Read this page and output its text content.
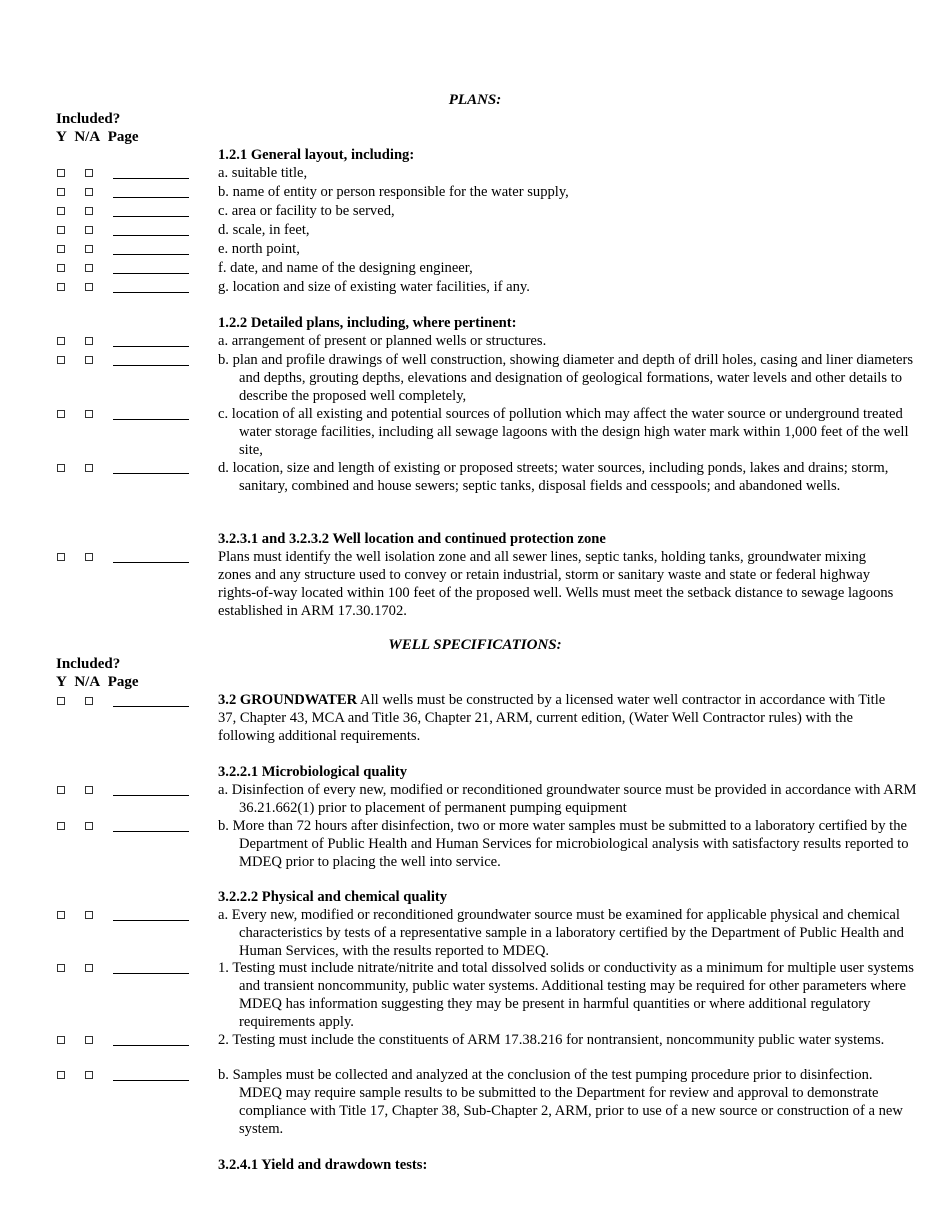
PLANS:
Included?
Y N/A Page
1.2.1 General layout, including:
a. suitable title,
b. name of entity or person responsible for the water supply,
c. area or facility to be served,
d. scale, in feet,
e. north point,
f. date, and name of the designing engineer,
g. location and size of existing water facilities, if any.
1.2.2 Detailed plans, including, where pertinent:
a. arrangement of present or planned wells or structures.
b. plan and profile drawings of well construction, showing diameter and depth of drill holes, casing and liner diameters and depths, grouting depths, elevations and designation of geological formations, water levels and other details to describe the proposed well completely,
c. location of all existing and potential sources of pollution which may affect the water source or underground treated water storage facilities, including all sewage lagoons with the design high water mark within 1,000 feet of the well site,
d. location, size and length of existing or proposed streets; water sources, including ponds, lakes and drains; storm, sanitary, combined and house sewers; septic tanks, disposal fields and cesspools; and abandoned wells.
3.2.3.1 and 3.2.3.2 Well location and continued protection zone
Plans must identify the well isolation zone and all sewer lines, septic tanks, holding tanks, groundwater mixing zones and any structure used to convey or retain industrial, storm or sanitary waste and state or federal highway rights-of-way located within 100 feet of the proposed well. Wells must meet the setback distance to sewage lagoons established in ARM 17.30.1702.
WELL SPECIFICATIONS:
Included?
Y N/A Page
3.2 GROUNDWATER All wells must be constructed by a licensed water well contractor in accordance with Title 37, Chapter 43, MCA and Title 36, Chapter 21, ARM, current edition, (Water Well Contractor rules) with the following additional requirements.
3.2.2.1 Microbiological quality
a. Disinfection of every new, modified or reconditioned groundwater source must be provided in accordance with ARM 36.21.662(1) prior to placement of permanent pumping equipment
b. More than 72 hours after disinfection, two or more water samples must be submitted to a laboratory certified by the Department of Public Health and Human Services for microbiological analysis with satisfactory results reported to MDEQ prior to placing the well into service.
3.2.2.2 Physical and chemical quality
a. Every new, modified or reconditioned groundwater source must be examined for applicable physical and chemical characteristics by tests of a representative sample in a laboratory certified by the Department of Public Health and Human Services, with the results reported to MDEQ.
1. Testing must include nitrate/nitrite and total dissolved solids or conductivity as a minimum for multiple user systems and transient noncommunity, public water systems. Additional testing may be required for other parameters where MDEQ has information suggesting they may be present in harmful quantities or where additional regulatory requirements apply.
2. Testing must include the constituents of ARM 17.38.216 for nontransient, noncommunity public water systems.
b. Samples must be collected and analyzed at the conclusion of the test pumping procedure prior to disinfection. MDEQ may require sample results to be submitted to the Department for review and approval to demonstrate compliance with Title 17, Chapter 38, Sub-Chapter 2, ARM, prior to use of a new source or construction of a new system.
3.2.4.1 Yield and drawdown tests:
